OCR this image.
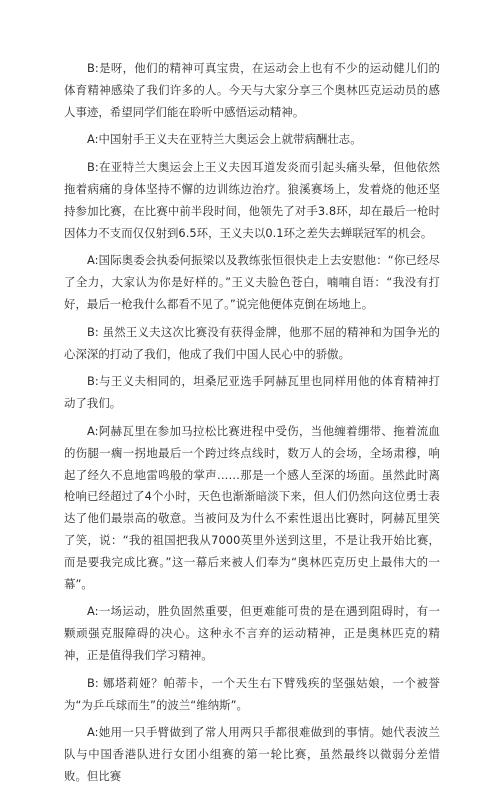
B:是呀，他们的精神可真宝贵，在运动会上也有不少的运动健儿们的体育精神感染了我们许多的人。今天与大家分享三个奥林匹克运动员的感人事迹，希望同学们能在聆听中感悟运动精神。

A:中国射手王义夫在亚特兰大奥运会上就带病酬壮志。

B:在亚特兰大奥运会上王义夫因耳道发炎而引起头痛头晕，但他依然拖着病痛的身体坚持不懈的边训练边治疗。狼溪赛场上，发着烧的他还坚持参加比赛，在比赛中前半段时间，他领先了对手3.8环，却在最后一枪时因体力不支而仅仅射到6.5环，王义夫以0.1环之差失去蝉联冠军的机会。

A:国际奥委会执委何振梁以及教练张恒很快走上去安慰他：“你已经尽了全力，大家认为你是好样的。”王义夫脸色苍白，喃喃自语：“我没有打好，最后一枪我什么都看不见了。”说完他便体克倒在场地上。

B: 虽然王义夫这次比赛没有获得金牌，他那不屈的精神和为国争光的心深深的打动了我们，他成了我们中国人民心中的骄傲。

B:与王义夫相同的，坦桑尼亚选手阿赫瓦里也同样用他的体育精神打动了我们。

A:阿赫瓦里在参加马拉松比赛进程中受伤，当他缠着绷带、拖着流血的伤腿一瘸一拐地最后一个跨过终点线时，数万人的会场，全场肃穆，响起了经久不息地雷鸣般的掌声……那是一个感人至深的场面。虽然此时离枪响已经超过了4个小时，天色也渐渐暗淡下来，但人们仍然向这位勇士表达了他们最崇高的敬意。当被问及为什么不索性退出比赛时，阿赫瓦里笑了笑，说：“我的祖国把我从7000英里外送到这里，不是让我开始比赛，而是要我完成比赛。”这一幕后来被人们奉为“奥林匹克历史上最伟大的一幕”。

A:一场运动，胜负固然重要，但更难能可贵的是在遇到阻碍时，有一颗顽强克服障碍的决心。这种永不言弃的运动精神，正是奥林匹克的精神，正是值得我们学习精神。

B: 娜塔莉娅？帕蒂卡，一个天生右下臂残疾的坚强姑娘，一个被誉为“为乒乓球而生”的波兰“维纳斯”。

A:她用一只手臂做到了常人用两只手都很难做到的事情。她代表波兰队与中国香港队进行女团小组赛的第一轮比赛，虽然最终以微弱分差惜败。但比赛
